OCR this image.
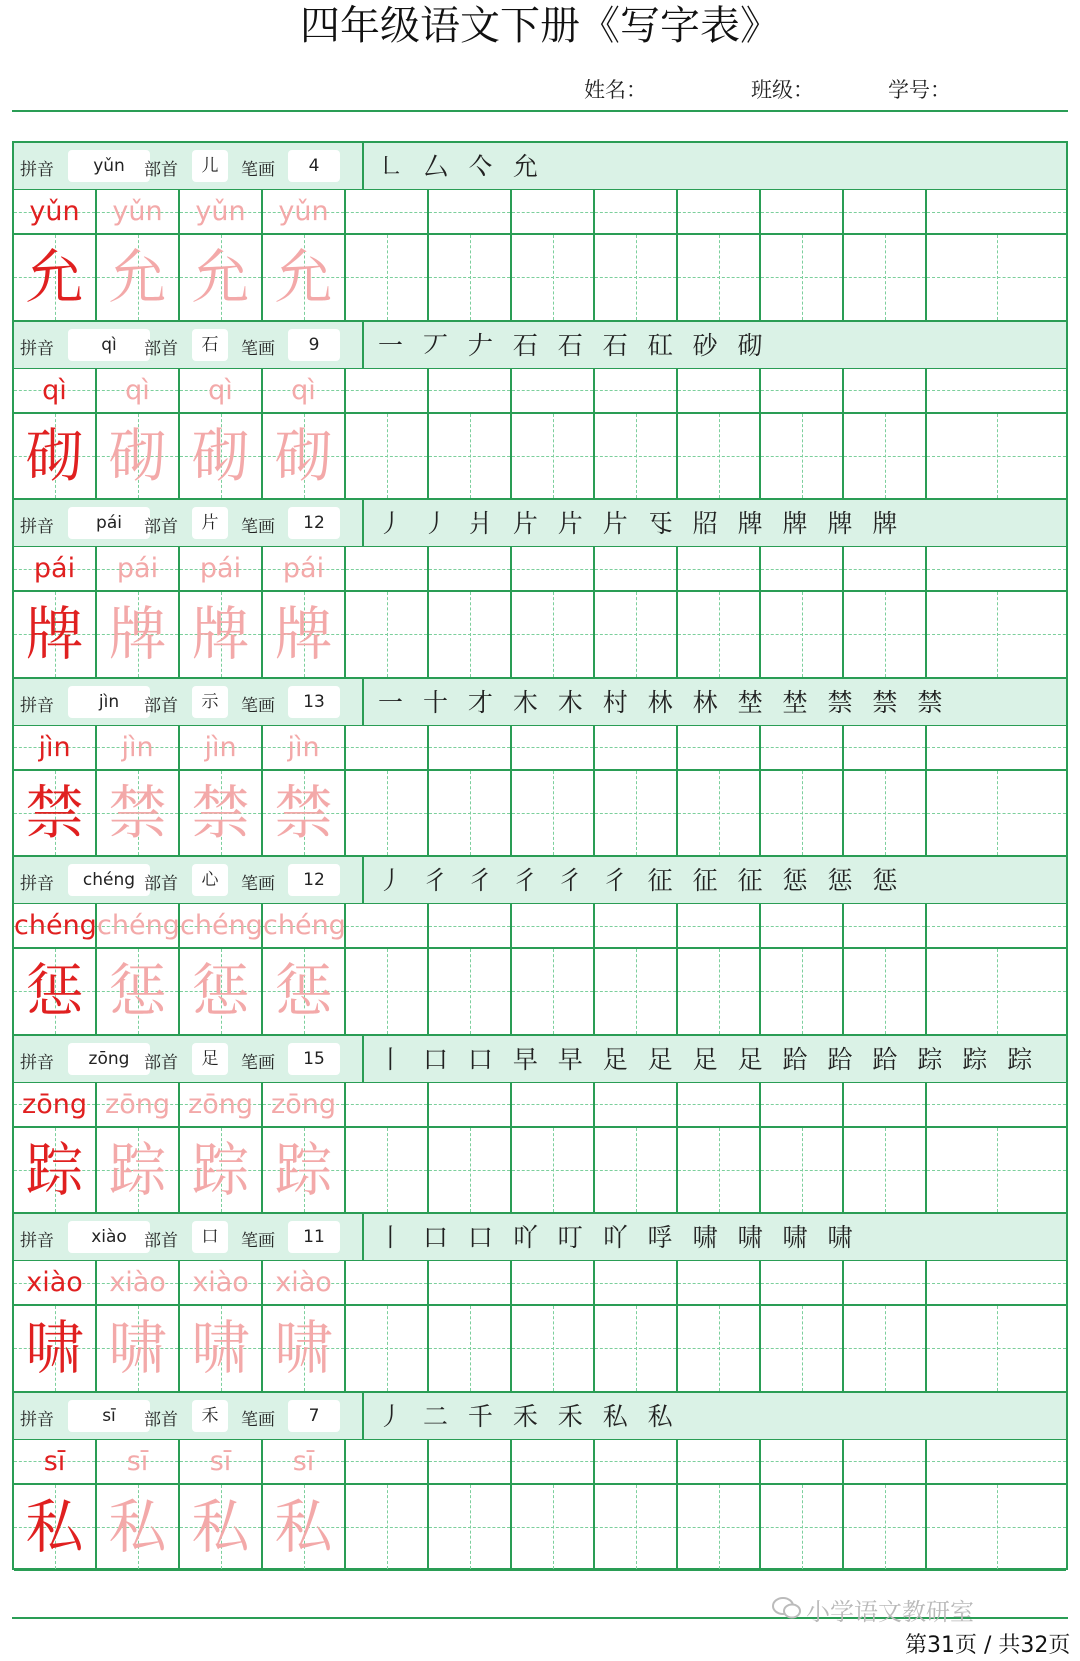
四年级语文下册《写字表》
姓名：	班级：	学号：
拼音	yǔn	部首	儿	笔画	4	㇗ 厶 亽 允
yǔn	yǔn	yǔn	yǔn
允 允 允 允
拼音	qì	部首	石	笔画	9	一 丆 𠂇 石 石 石 矼 砂 砌
qì	qì	qì	qì
砌 砌 砌 砌
拼音	pái	部首	片	笔画	12	丿 丿 爿 片 片 片 㸦 牊 牌 牌 牌 牌
pái	pái	pái	pái
牌 牌 牌 牌
拼音	jìn	部首	示	笔画	13	一 十 才 木 木 村 林 林 埜 埜 禁 禁 禁
jìn	jìn	jìn	jìn
禁 禁 禁 禁
拼音	chéng 部首	心	笔画	12	丿 彳 彳 彳 彳 彳 征 征 征 惩 惩 惩
chéng chéng chéng chéng
惩 惩 惩 惩
拼音	zōng 部首	足	笔画	15	丨 口 口 早 早 足 足 足 足 跲 跲 跲 踪 踪 踪
zōng zōng zōng zōng
踪 踪 踪 踪
拼音	xiào	部首	口	笔画	11	丨 口 口 吖 叮 吖 哹 啸 啸 啸 啸
xiào xiào xiào xiào
啸 啸 啸 啸
拼音	sī	部首	禾	笔画	7	丿 二 千 禾 禾 私 私
sī	sī	sī	sī
私 私 私 私
小学语文教研室
第31页 / 共32页
